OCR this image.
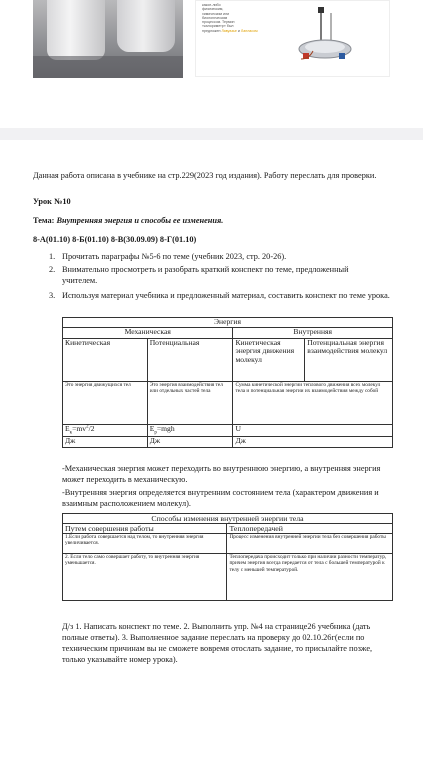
какое-либо
физическим,
химическим или
биологическим
процессом. Термин
«калориметр» был
предложен Лавуазье и Лапласом

Данная работа описана в учебнике на стр.229(2023 год издания). Работу переслать для проверки.

Урок №10

Тема: Внутренняя энергия и способы ее изменения.

8-А(01.10) 8-Б(01.10) 8-В(30.09.09) 8-Г(01.10)

1. Прочитать параграфы №5-6 по теме (учебник 2023, стр. 20-26).

2. Внимательно просмотреть и разобрать краткий конспект по теме, предложенный учителем.

3. Используя материал учебника и предложенный материал, составить конспект по теме урока.

Энергия			
Механическая		Внутренняя	
Кинетическая	Потенциальная	Кинетическая энергия движения молекул	Потенциальная энергия взаимодействия молекул
Это энергия движущихся тел	Это энергия взаимодействия тел или отдельных частей тела	Сумма кинетической энергии теплового движения всех молекул тела и потенциальная энергии их взаимодействия между собой	
$E_к=mv^2/2$	$E_р=mgh$	U	
Дж	Дж	Дж	

-Механическая энергия может переходить во внутреннюю энергию, а внутренняя энергия может переходить в механическую.

-Внутренняя энергия определяется внутренним состоянием тела (характером движения и взаимным расположением молекул).

Способы изменения внутренней энергии тела	
Путем совершения работы	Теплопередачей
1.Если работа совершается над телом, то внутренняя энергия увеличивается.	Процесс изменения внутренней энергии тела без совершения работы
2. Если тело само совершает работу, то внутренняя энергия уменьшается.	Теплопередача происходит только при наличии разности температур, причем энергия всегда передается от тела с большей температурой к телу с меньшей температурой.

Д/з 1. Написать конспект по теме. 2. Выполнить упр. №4 на странице26 учебника (дать полные ответы). 3. Выполненное задание переслать на проверку до 02.10.26г(если по техническим причинам вы не сможете вовремя отослать задание, то присылайте позже, только указывайте номер урока).
